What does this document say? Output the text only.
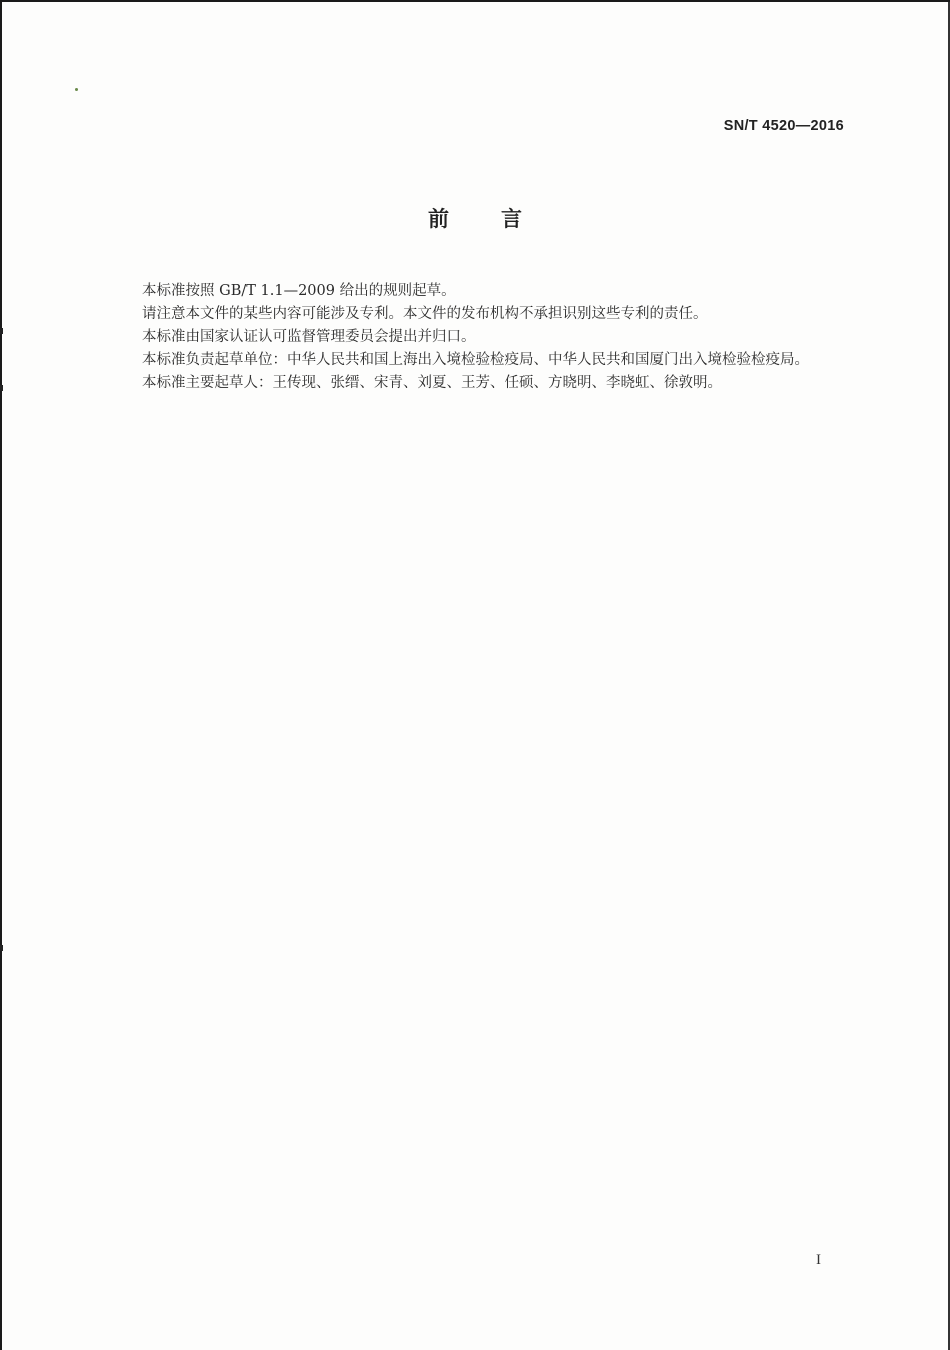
SN/T 4520—2016
前言

本标准按照 GB/T 1.1—2009 给出的规则起草。

请注意本文件的某些内容可能涉及专利。本文件的发布机构不承担识别这些专利的责任。

本标准由国家认证认可监督管理委员会提出并归口。

本标准负责起草单位：中华人民共和国上海出入境检验检疫局、中华人民共和国厦门出入境检验检疫局。

本标准主要起草人：王传现、张缙、宋青、刘夏、王芳、任硕、方晓明、李晓虹、徐敦明。

I
